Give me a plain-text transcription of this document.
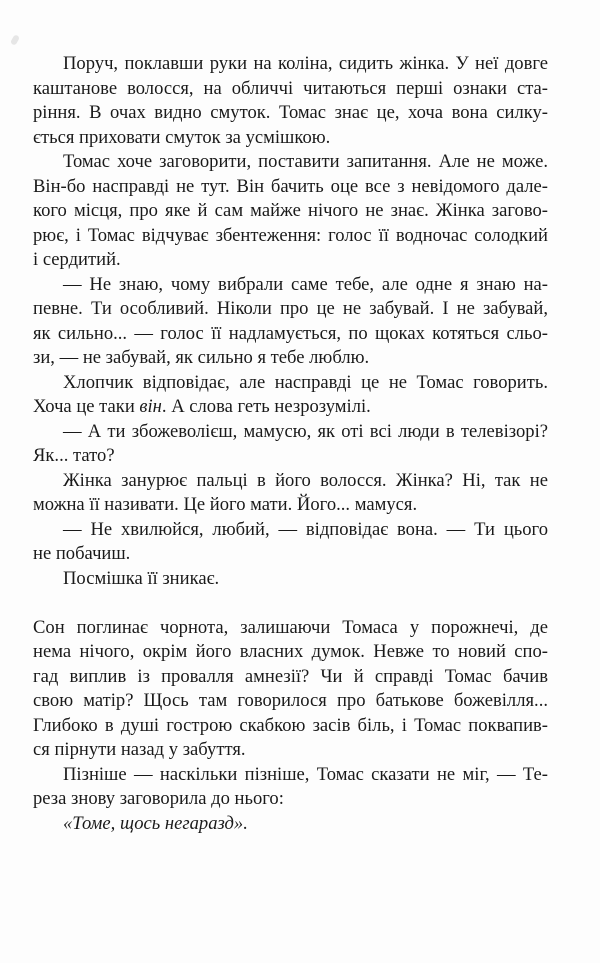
Поруч, поклавши руки на коліна, сидить жінка. У неї довге
каштанове волосся, на обличчі читаються перші ознаки ста-
ріння. В очах видно смуток. Томас знає це, хоча вона силку-
ється приховати смуток за усмішкою.
Томас хоче заговорити, поставити запитання. Але не може.
Він-бо насправді не тут. Він бачить оце все з невідомого дале-
кого місця, про яке й сам майже нічого не знає. Жінка загово-
рює, і Томас відчуває збентеження: голос її водночас солодкий
і сердитий.
— Не знаю, чому вибрали саме тебе, але одне я знаю на-
певне. Ти особливий. Ніколи про це не забувай. І не забувай,
як сильно... — голос її надламується, по щоках котяться сльо-
зи, — не забувай, як сильно я тебе люблю.
Хлопчик відповідає, але насправді це не Томас говорить.
Хоча це таки він. А слова геть незрозумілі.
— А ти збожеволієш, мамусю, як оті всі люди в телевізорі?
Як... тато?
Жінка занурює пальці в його волосся. Жінка? Ні, так не
можна її називати. Це його мати. Його... мамуся.
— Не хвилюйся, любий, — відповідає вона. — Ти цього
не побачиш.
Посмішка її зникає.
Сон поглинає чорнота, залишаючи Томаса у порожнечі, де
нема нічого, окрім його власних думок. Невже то новий спо-
гад виплив із провалля амнезії? Чи й справді Томас бачив
свою матір? Щось там говорилося про батькове божевілля...
Глибоко в душі гострою скабкою засів біль, і Томас поквапив-
ся пірнути назад у забуття.
Пізніше — наскільки пізніше, Томас сказати не міг, — Те-
реза знову заговорила до нього:
«Томе, щось негаразд».
